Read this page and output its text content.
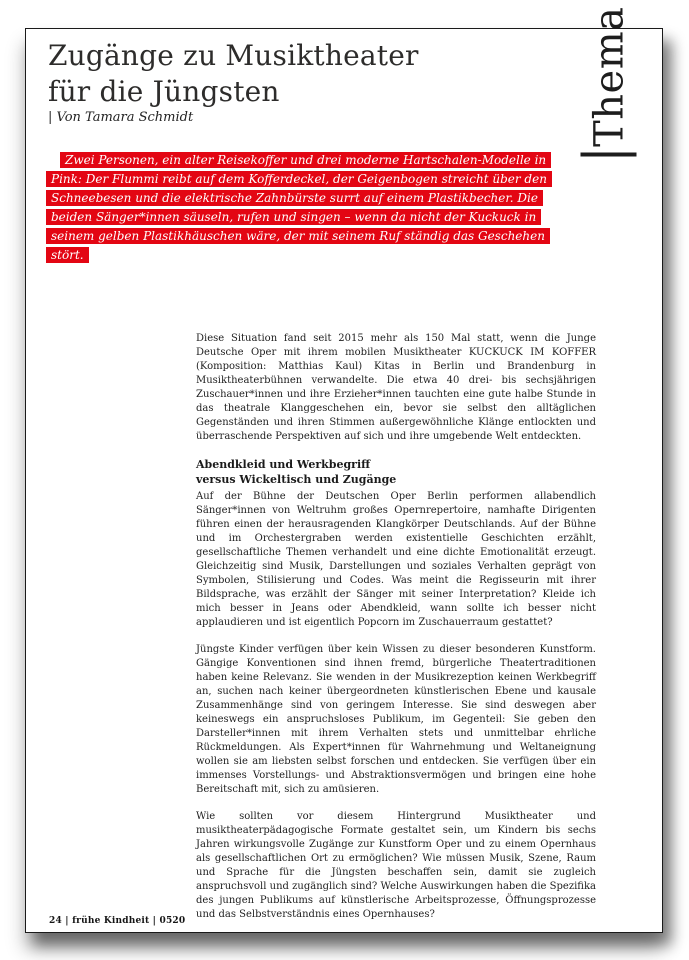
Zugänge zu Musiktheater
für die Jüngsten
| Von Tamara Schmidt

Zwei Personen, ein alter Reisekoffer und drei moderne Hartschalen-Modelle in Pink: Der Flummi reibt auf dem Kofferdeckel, der Geigenbogen streicht über den Schneebesen und die elektrische Zahnbürste surrt auf einem Plastikbecher. Die beiden Sänger*innen säuseln, rufen und singen – wenn da nicht der Kuckuck in seinem gelben Plastikhäuschen wäre, der mit seinem Ruf ständig das Geschehen stört.

Thema

Diese Situation fand seit 2015 mehr als 150 Mal statt, wenn die Junge Deutsche Oper mit ihrem mobilen Musiktheater KUCKUCK IM KOFFER (Komposition: Matthias Kaul) Kitas in Berlin und Brandenburg in Musiktheaterbühnen verwandelte. Die etwa 40 drei- bis sechsjährigen Zuschauer*innen und ihre Erzieher*innen tauchten eine gute halbe Stunde in das theatrale Klanggeschehen ein, bevor sie selbst den alltäglichen Gegenständen und ihren Stimmen außergewöhnliche Klänge entlockten und überraschende Perspektiven auf sich und ihre umgebende Welt entdeckten.

Abendkleid und Werkbegriff
versus Wickeltisch und Zugänge

Auf der Bühne der Deutschen Oper Berlin performen allabendlich Sänger*innen von Weltruhm großes Opernrepertoire, namhafte Dirigenten führen einen der herausragenden Klangkörper Deutschlands. Auf der Bühne und im Orchestergraben werden existentielle Geschichten erzählt, gesellschaftliche Themen verhandelt und eine dichte Emotionalität erzeugt. Gleichzeitig sind Musik, Darstellungen und soziales Verhalten geprägt von Symbolen, Stilisierung und Codes. Was meint die Regisseurin mit ihrer Bildsprache, was erzählt der Sänger mit seiner Interpretation? Kleide ich mich besser in Jeans oder Abendkleid, wann sollte ich besser nicht applaudieren und ist eigentlich Popcorn im Zuschauerraum gestattet?

Jüngste Kinder verfügen über kein Wissen zu dieser besonderen Kunstform. Gängige Konventionen sind ihnen fremd, bürgerliche Theatertraditionen haben keine Relevanz. Sie wenden in der Musikrezeption keinen Werkbegriff an, suchen nach keiner übergeordneten künstlerischen Ebene und kausale Zusammenhänge sind von geringem Interesse. Sie sind deswegen aber keineswegs ein anspruchsloses Publikum, im Gegenteil: Sie geben den Darsteller*innen mit ihrem Verhalten stets und unmittelbar ehrliche Rückmeldungen. Als Expert*innen für Wahrnehmung und Weltaneignung wollen sie am liebsten selbst forschen und entdecken. Sie verfügen über ein immenses Vorstellungs- und Abstraktionsvermögen und bringen eine hohe Bereitschaft mit, sich zu amüsieren.

Wie sollten vor diesem Hintergrund Musiktheater und musiktheaterpädagogische Formate gestaltet sein, um Kindern bis sechs Jahren wirkungsvolle Zugänge zur Kunstform Oper und zu einem Opernhaus als gesellschaftlichen Ort zu ermöglichen? Wie müssen Musik, Szene, Raum und Sprache für die Jüngsten beschaffen sein, damit sie zugleich anspruchsvoll und zugänglich sind? Welche Auswirkungen haben die Spezifika des jungen Publikums auf künstlerische Arbeitsprozesse, Öffnungsprozesse und das Selbstverständnis eines Opernhauses?

24 | frühe Kindheit | 0520
